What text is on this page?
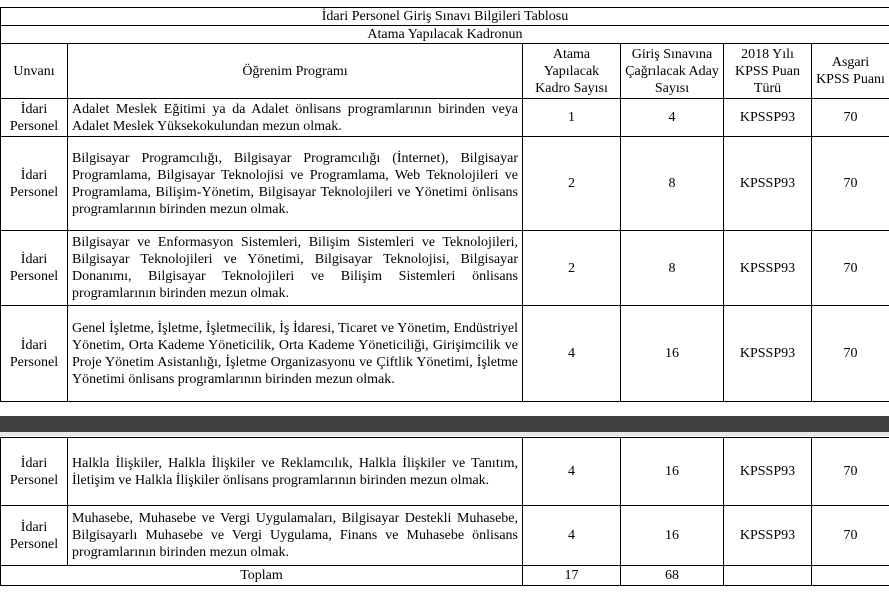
İdari Personel Giriş Sınavı Bilgileri Tablosu					
Atama Yapılacak Kadronun					
Unvanı	Öğrenim Programı	Atama Yapılacak Kadro Sayısı	Giriş Sınavına Çağrılacak Aday Sayısı	2018 Yılı KPSS Puan Türü	Asgari KPSS Puanı
İdari Personel	Adalet Meslek Eğitimi ya da Adalet önlisans programlarının birinden veya Adalet Meslek Yüksekokulundan mezun olmak.	1	4	KPSSP93	70
İdari Personel	Bilgisayar Programcılığı, Bilgisayar Programcılığı (İnternet), Bilgisayar Programlama, Bilgisayar Teknolojisi ve Programlama, Web Teknolojileri ve Programlama, Bilişim-Yönetim, Bilgisayar Teknolojileri ve Yönetimi önlisans programlarının birinden mezun olmak.	2	8	KPSSP93	70
İdari Personel	Bilgisayar ve Enformasyon Sistemleri, Bilişim Sistemleri ve Teknolojileri, Bilgisayar Teknolojileri ve Yönetimi, Bilgisayar Teknolojisi, Bilgisayar Donanımı, Bilgisayar Teknolojileri ve Bilişim Sistemleri önlisans programlarının birinden mezun olmak.	2	8	KPSSP93	70
İdari Personel	Genel İşletme, İşletme, İşletmecilik, İş İdaresi, Ticaret ve Yönetim, Endüstriyel Yönetim, Orta Kademe Yöneticilik, Orta Kademe Yöneticiliği, Girişimcilik ve Proje Yönetim Asistanlığı, İşletme Organizasyonu ve Çiftlik Yönetimi, İşletme Yönetimi önlisans programlarının birinden mezun olmak.	4	16	KPSSP93	70
İdari Personel	Halkla İlişkiler, Halkla İlişkiler ve Reklamcılık, Halkla İlişkiler ve Tanıtım, İletişim ve Halkla İlişkiler önlisans programlarının birinden mezun olmak.	4	16	KPSSP93	70
İdari Personel	Muhasebe, Muhasebe ve Vergi Uygulamaları, Bilgisayar Destekli Muhasebe, Bilgisayarlı Muhasebe ve Vergi Uygulama, Finans ve Muhasebe önlisans programlarının birinden mezun olmak.	4	16	KPSSP93	70
Toplam		17	68		
